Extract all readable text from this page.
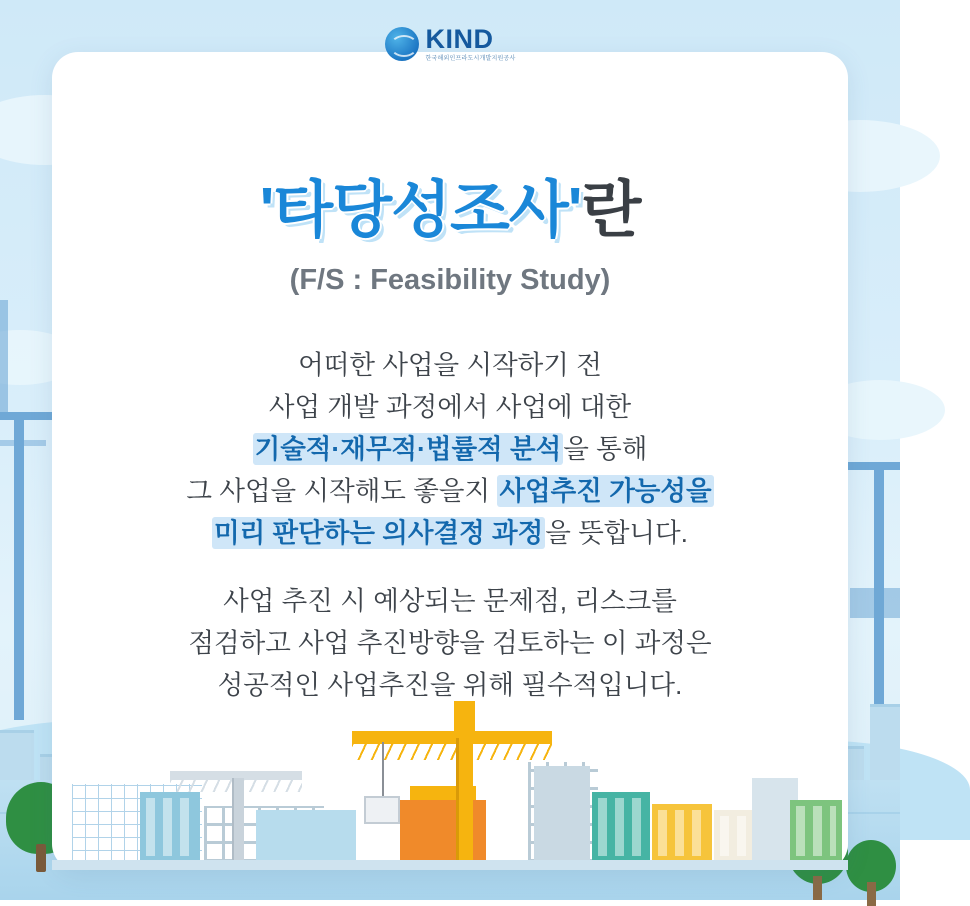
KIND
한국해외인프라도시개발지원공사
'타당성조사'란
(F/S : Feasibility Study)
어떠한 사업을 시작하기 전
사업 개발 과정에서 사업에 대한
기술적·재무적·법률적 분석을 통해
그 사업을 시작해도 좋을지 사업추진 가능성을
미리 판단하는 의사결정 과정을 뜻합니다.
사업 추진 시 예상되는 문제점, 리스크를
점검하고 사업 추진방향을 검토하는 이 과정은
성공적인 사업추진을 위해 필수적입니다.
